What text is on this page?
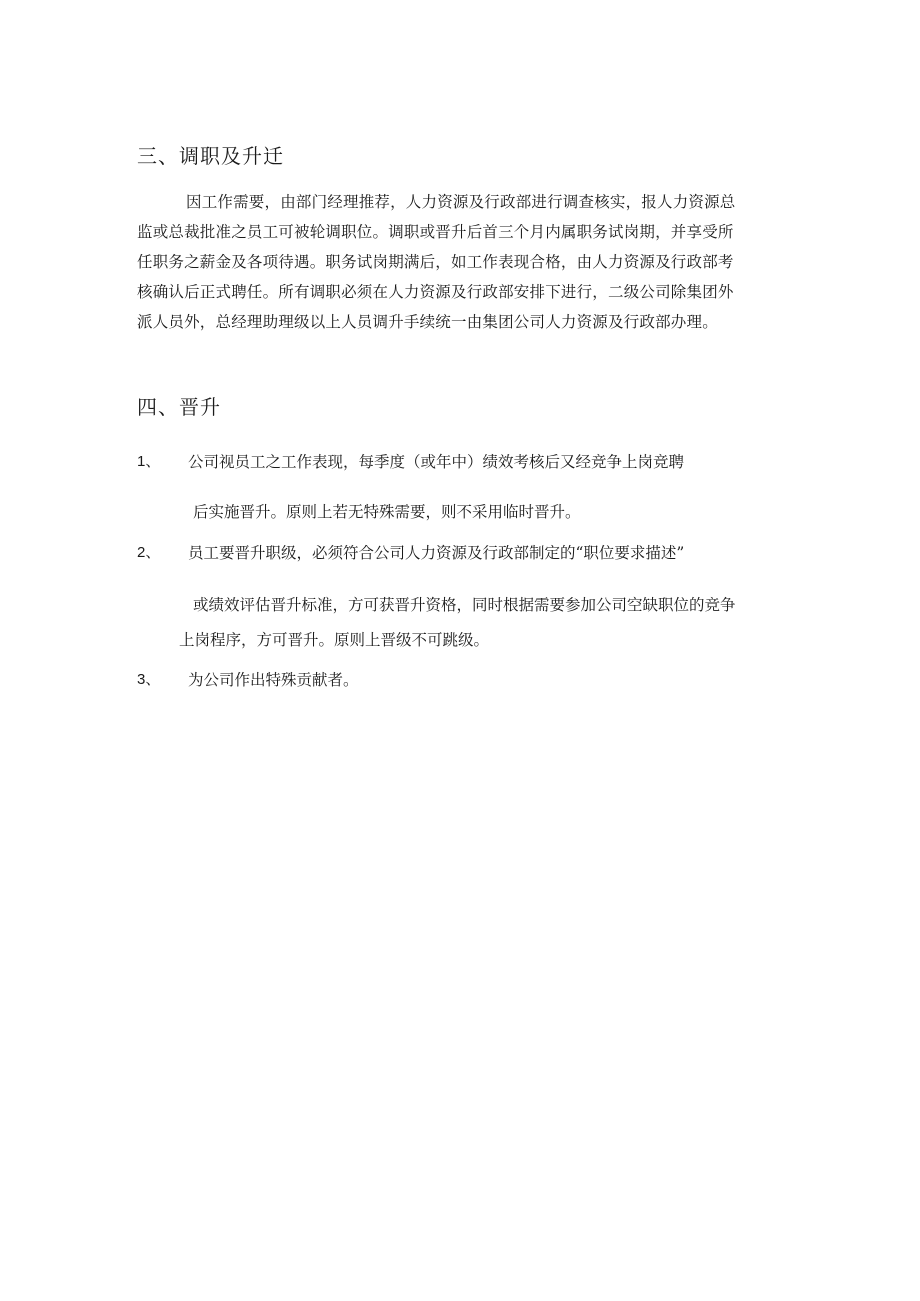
三、调职及升迁
因工作需要，由部门经理推荐，人力资源及行政部进行调查核实，报人力资源总
监或总裁批准之员工可被轮调职位。调职或晋升后首三个月内属职务试岗期，并享受所
任职务之薪金及各项待遇。职务试岗期满后，如工作表现合格，由人力资源及行政部考
核确认后正式聘任。所有调职必须在人力资源及行政部安排下进行，二级公司除集团外
派人员外，总经理助理级以上人员调升手续统一由集团公司人力资源及行政部办理。
四、晋升
1、 公司视员工之工作表现，每季度（或年中）绩效考核后又经竞争上岗竞聘
后实施晋升。原则上若无特殊需要，则不采用临时晋升。
2、 员工要晋升职级，必须符合公司人力资源及行政部制定的“职位要求描述”
或绩效评估晋升标准，方可获晋升资格，同时根据需要参加公司空缺职位的竞争
上岗程序，方可晋升。原则上晋级不可跳级。
3、 为公司作出特殊贡献者。
